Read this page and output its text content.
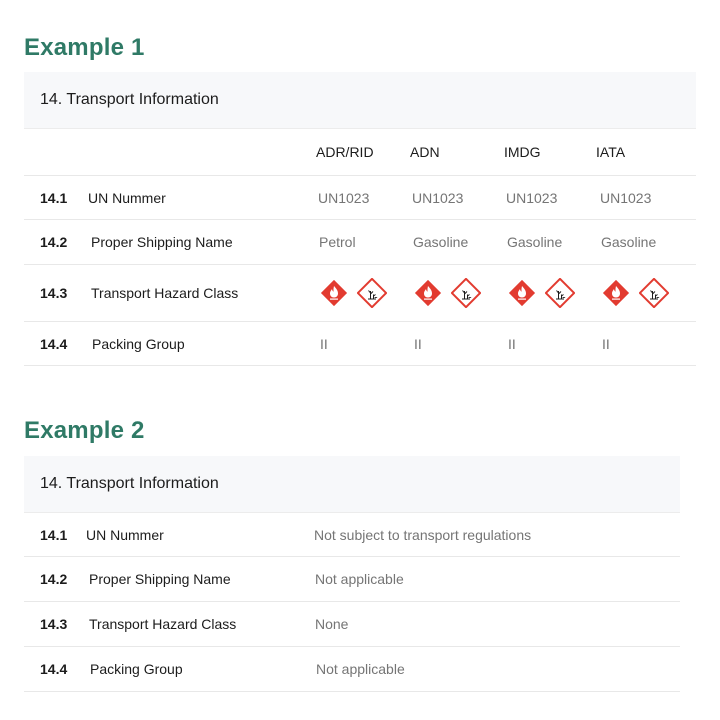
Example 1
14. Transport Information
ADR/RID	ADN	IMDG	IATA
14.1 UN Nummer	UN1023	UN1023	UN1023	UN1023
14.2 Proper Shipping Name	Petrol	Gasoline	Gasoline	Gasoline
14.3 Transport Hazard Class
14.4 Packing Group	II	II	II	II
Example 2
14. Transport Information
14.1 UN Nummer	Not subject to transport regulations
14.2 Proper Shipping Name	Not applicable
14.3 Transport Hazard Class	None
14.4 Packing Group	Not applicable
